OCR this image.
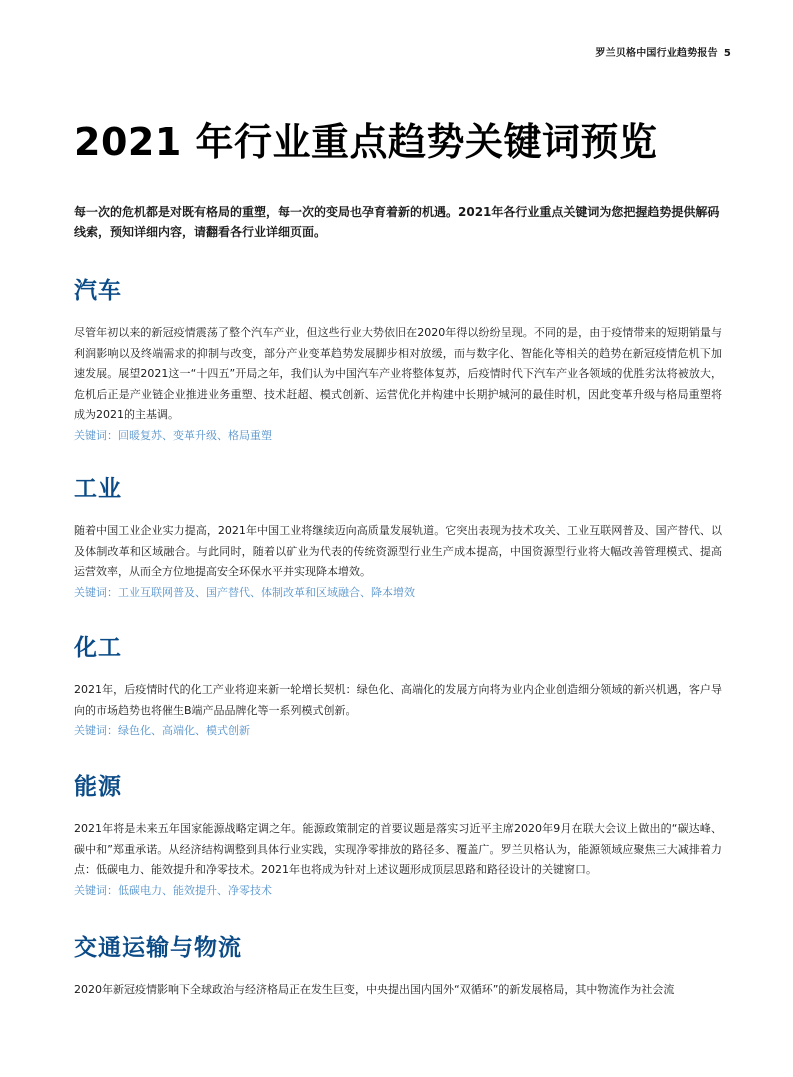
罗兰贝格中国行业趋势报告 5
2021 年行业重点趋势关键词预览

每一次的危机都是对既有格局的重塑，每一次的变局也孕育着新的机遇。2021年各行业重点关键词为您把握趋势提供解码线索，预知详细内容，请翻看各行业详细页面。

汽车

尽管年初以来的新冠疫情震荡了整个汽车产业，但这些行业大势依旧在2020年得以纷纷呈现。不同的是，由于疫情带来的短期销量与利润影响以及终端需求的抑制与改变，部分产业变革趋势发展脚步相对放缓，而与数字化、智能化等相关的趋势在新冠疫情危机下加速发展。展望2021这一“十四五”开局之年，我们认为中国汽车产业将整体复苏，后疫情时代下汽车产业各领域的优胜劣汰将被放大，危机后正是产业链企业推进业务重塑、技术赶超、模式创新、运营优化并构建中长期护城河的最佳时机，因此变革升级与格局重塑将成为2021的主基调。

关键词：回暖复苏、变革升级、格局重塑
工业

随着中国工业企业实力提高，2021年中国工业将继续迈向高质量发展轨道。它突出表现为技术攻关、工业互联网普及、国产替代、以及体制改革和区域融合。与此同时，随着以矿业为代表的传统资源型行业生产成本提高，中国资源型行业将大幅改善管理模式、提高运营效率，从而全方位地提高安全环保水平并实现降本增效。

关键词：工业互联网普及、国产替代、体制改革和区域融合、降本增效
化工

2021年，后疫情时代的化工产业将迎来新一轮增长契机：绿色化、高端化的发展方向将为业内企业创造细分领域的新兴机遇，客户导向的市场趋势也将催生B端产品品牌化等一系列模式创新。

关键词：绿色化、高端化、模式创新
能源

2021年将是未来五年国家能源战略定调之年。能源政策制定的首要议题是落实习近平主席2020年9月在联大会议上做出的“碳达峰、碳中和”郑重承诺。从经济结构调整到具体行业实践，实现净零排放的路径多、覆盖广。罗兰贝格认为，能源领域应聚焦三大减排着力点：低碳电力、能效提升和净零技术。2021年也将成为针对上述议题形成顶层思路和路径设计的关键窗口。

关键词：低碳电力、能效提升、净零技术
交通运输与物流

2020年新冠疫情影响下全球政治与经济格局正在发生巨变，中央提出国内国外“双循环”的新发展格局，其中物流作为社会流
